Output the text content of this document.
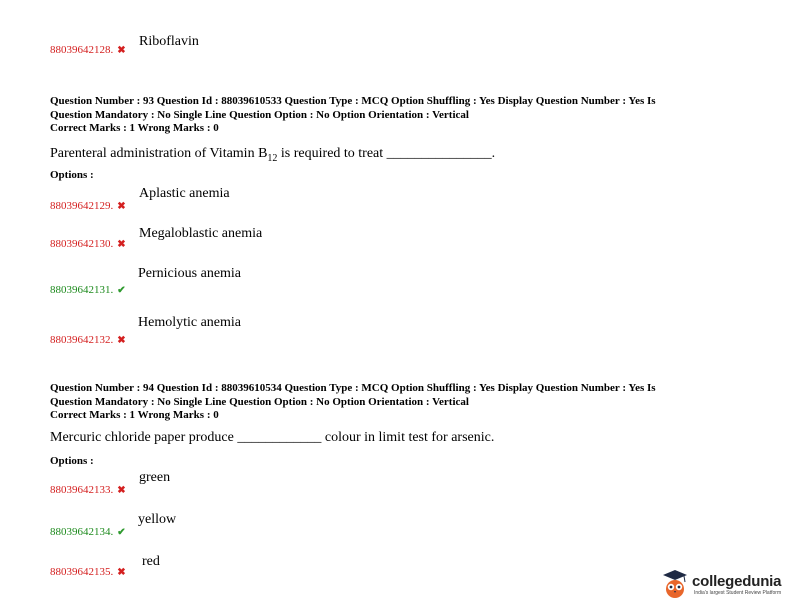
88039642128. ✖
Riboflavin
Question Number : 93 Question Id : 88039610533 Question Type : MCQ Option Shuffling : Yes Display Question Number : Yes Is
Question Mandatory : No Single Line Question Option : No Option Orientation : Vertical
Correct Marks : 1 Wrong Marks : 0
Parenteral administration of Vitamin $B_{12}$ is required to treat _______________.
Options :
88039642129. ✖
Aplastic anemia
88039642130. ✖
Megaloblastic anemia
88039642131. ✔
Pernicious anemia
88039642132. ✖
Hemolytic anemia
Question Number : 94 Question Id : 88039610534 Question Type : MCQ Option Shuffling : Yes Display Question Number : Yes Is
Question Mandatory : No Single Line Question Option : No Option Orientation : Vertical
Correct Marks : 1 Wrong Marks : 0
Mercuric chloride paper produce ____________ colour in limit test for arsenic.
Options :
88039642133. ✖
green
88039642134. ✔
yellow
88039642135. ✖
red
collegedunia
India's largest Student Review Platform
